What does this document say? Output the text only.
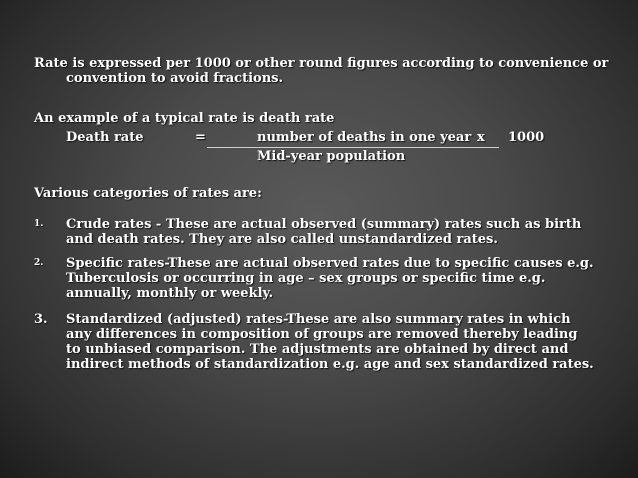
Rate is expressed per 1000 or other round figures according to convenience or
convention to avoid fractions.
An example of a typical rate is death rate
Death rate	=	number of deaths in one year x 1000
Mid-year population
Various categories of rates are:
1. Crude rates - These are actual observed (summary) rates such as birth
and death rates. They are also called unstandardized rates.
2. Specific rates-These are actual observed rates due to specific causes e.g.
Tuberculosis or occurring in age – sex groups or specific time e.g.
annually, monthly or weekly.
3. Standardized (adjusted) rates-These are also summary rates in which
any differences in composition of groups are removed thereby leading
to unbiased comparison. The adjustments are obtained by direct and
indirect methods of standardization e.g. age and sex standardized rates.
